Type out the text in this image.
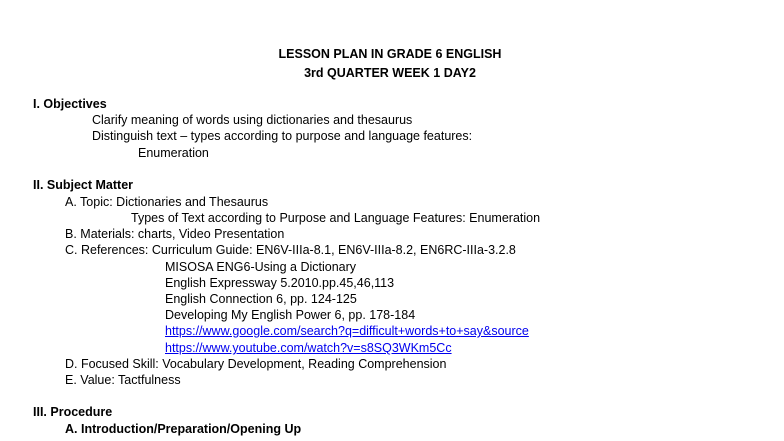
LESSON PLAN IN GRADE 6 ENGLISH
3rd QUARTER WEEK 1 DAY2
I. Objectives
Clarify meaning of words using dictionaries and thesaurus
Distinguish text – types according to purpose and language features:
Enumeration
II. Subject Matter
A. Topic: Dictionaries and Thesaurus
Types of Text according to Purpose and Language Features: Enumeration
B. Materials: charts, Video Presentation
C. References: Curriculum Guide: EN6V-IIIa-8.1, EN6V-IIIa-8.2, EN6RC-IIIa-3.2.8
MISOSA ENG6-Using a Dictionary
English Expressway 5.2010.pp.45,46,113
English Connection 6, pp. 124-125
Developing My English Power 6, pp. 178-184
https://www.google.com/search?q=difficult+words+to+say&source
https://www.youtube.com/watch?v=s8SQ3WKm5Cc
D. Focused Skill: Vocabulary Development, Reading Comprehension
E. Value: Tactfulness
III. Procedure
A. Introduction/Preparation/Opening Up
